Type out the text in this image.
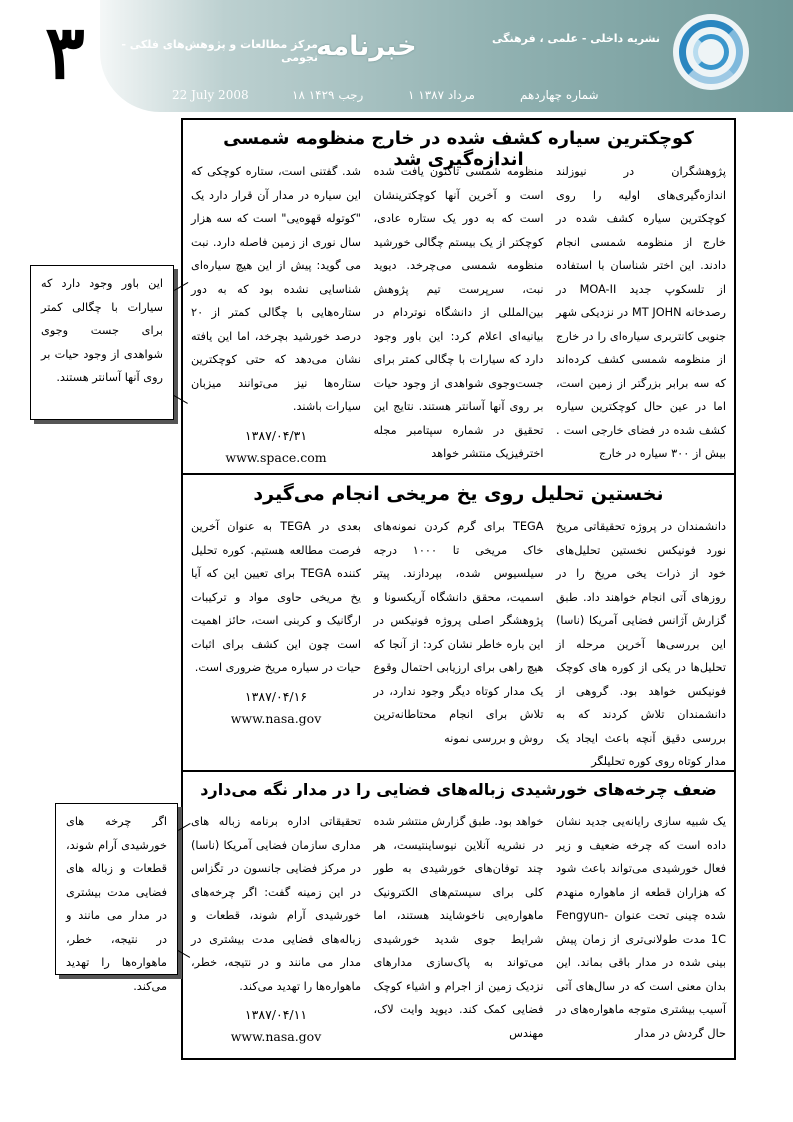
۳	نشریه داخلی - علمی ، فرهنگی
خبرنامه
مرکز مطالعات و پژوهش‌های فلکی - نجومی
شماره چهاردهم
۱ مرداد ۱۳۸۷
۱۸ رجب ۱۴۲۹
22 July 2008
کوچکترین سیاره کشف شده در خارج منظومه شمسی اندازه‌گیری شد
پژوهشگران در نیوزلند اندازه‌گیری‌های اولیه را روی کوچکترین سیاره کشف شده در خارج از منظومه شمسی انجام دادند. این اختر شناسان با استفاده از تلسکوپ جدید MOA-II در رصدخانه MT JOHN در نزدیکی شهر جنوبی کانتربری سیاره‌ای را در خارج از منظومه شمسی کشف کرده‌اند که سه برابر بزرگتر از زمین است، اما در عین حال کوچکترین سیاره کشف شده در فضای خارجی است . بیش از ۳۰۰ سیاره در خارج
منظومه شمسی تاکنون یافت شده است و آخرین آنها کوچکترینشان است که به دور یک ستاره عادی، کوچکتر از یک بیستم چگالی خورشید منظومه شمسی می‌چرخد. دیوید نبت، سرپرست تیم پژوهش بین‌المللی از دانشگاه نوتردام در بیانیه‌ای اعلام کرد: این باور وجود دارد که سیارات با چگالی کمتر برای جست‌وجوی شواهدی از وجود حیات بر روی آنها آسانتر هستند. نتایج این تحقیق در شماره سپتامبر مجله اخترفیزیک منتشر خواهد
شد. گفتنی است، ستاره کوچکی که این سیاره در مدار آن قرار دارد یک "کوتوله قهوه‌یی" است که سه هزار سال نوری از زمین فاصله دارد. نبت می گوید: پیش از این هیچ سیاره‌ای شناسایی نشده بود که به دور ستاره‌هایی با چگالی کمتر از ۲۰ درصد خورشید بچرخد، اما این یافته نشان می‌دهد که حتی کوچکترین ستاره‌ها نیز می‌توانند میزبان سیارات باشند.
۱۳۸۷/۰۴/۳۱
www.space.com
نخستین تحلیل روی یخ مریخی انجام می‌گیرد
دانشمندان در پروژه تحقیقاتی مریخ نورد فونیکس نخستین تحلیل‌های خود از ذرات یخی مریخ را در روزهای آتی انجام خواهند داد. طبق گزارش آژانس فضایی آمریکا (ناسا) این بررسی‌ها آخرین مرحله از تحلیل‌ها در یکی از کوره های کوچک فونیکس خواهد بود. گروهی از دانشمندان تلاش کردند که به بررسی دقیق آنچه باعث ایجاد یک مدار کوتاه روی کوره تحلیلگر
TEGA برای گرم کردن نمونه‌های خاک مریخی تا ۱۰۰۰ درجه سیلسیوس شده، بپردازند. پیتر اسمیت، محقق دانشگاه آریکسونا و پژوهشگر اصلی پروژه فونیکس در این باره خاطر نشان کرد: از آنجا که هیچ راهی برای ارزیابی احتمال وقوع یک مدار کوتاه دیگر وجود ندارد، در تلاش برای انجام محتاطانه‌ترین روش و بررسی نمونه
بعدی در TEGA به عنوان آخرین فرصت مطالعه هستیم. کوره تحلیل کننده TEGA برای تعیین این که آیا یخ مریخی حاوی مواد و ترکیبات ارگانیک و کربنی است، حائز اهمیت است چون این کشف برای اثبات حیات در سیاره مریخ ضروری است.
۱۳۸۷/۰۴/۱۶
www.nasa.gov
ضعف چرخه‌های خورشیدی زباله‌های فضایی را در مدار نگه می‌دارد
یک شبیه سازی رایانه‌یی جدید نشان داده است که چرخه ضعیف و زیر فعال خورشیدی می‌تواند باعث شود که هزاران قطعه از ماهواره منهدم شده چینی تحت عنوان Fengyun-1C مدت طولانی‌تری از زمان پیش بینی شده در مدار باقی بماند. این بدان معنی است که در سال‌های آتی آسیب بیشتری متوجه ماهواره‌های در حال گردش در مدار
خواهد بود. طبق گزارش منتشر شده در نشریه آنلاین نیوساینتیست، هر چند توفان‌های خورشیدی به طور کلی برای سیستم‌های الکترونیک ماهواره‌یی ناخوشایند هستند، اما شرایط جوی شدید خورشیدی می‌تواند به پاک‌سازی مدارهای نزدیک زمین از اجرام و اشیاء کوچک فضایی کمک کند. دیوید وایت لاک، مهندس
تحقیقاتی اداره برنامه زباله های مداری سازمان فضایی آمریکا (ناسا) در مرکز فضایی جانسون در تگزاس در این زمینه گفت: اگر چرخه‌های خورشیدی آرام شوند، قطعات و زباله‌های فضایی مدت بیشتری در مدار می مانند و در نتیجه، خطر، ماهواره‌ها را تهدید می‌کند.
۱۳۸۷/۰۴/۱۱
www.nasa.gov
این باور وجود دارد که سیارات با چگالی کمتر برای جست وجوی شواهدی از وجود حیات بر روی آنها آسانتر هستند.
اگر چرخه های خورشیدی آرام شوند، قطعات و زباله های فضایی مدت بیشتری در مدار می مانند و در نتیجه، خطر، ماهواره‌ها را تهدید می‌کند.
